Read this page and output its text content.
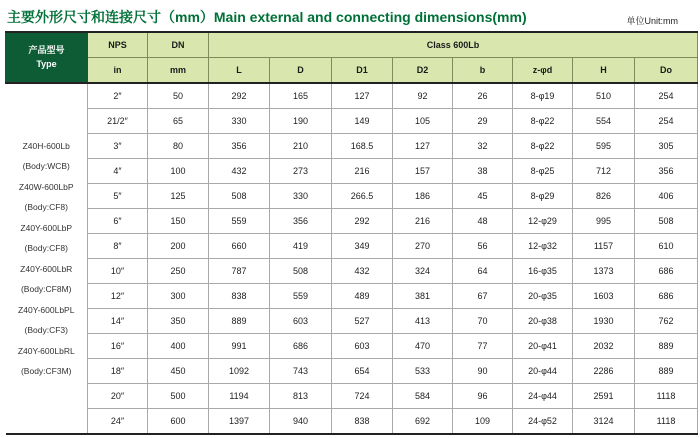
主要外形尺寸和连接尺寸（mm）Main external and connecting dimensions(mm)	单位Unit:mm
产品型号
Type	NPS	DN	Class 600Lb							
	in	mm	L	D	D1	D2	b	z-φd	H	Do

Z40H-600Lb
(Body:WCB)
Z40W-600LbP
(Body:CF8)
Z40Y-600LbP
(Body:CF8)
Z40Y-600LbR
(Body:CF8M)
Z40Y-600LbPL
(Body:CF3)
Z40Y-600LbRL
(Body:CF3M)
	2″	50	292	165	127	92	26	8-φ19	510	254
	21/2″	65	330	190	149	105	29	8-φ22	554	254
	3″	80	356	210	168.5	127	32	8-φ22	595	305
	4″	100	432	273	216	157	38	8-φ25	712	356
	5″	125	508	330	266.5	186	45	8-φ29	826	406
	6″	150	559	356	292	216	48	12-φ29	995	508
	8″	200	660	419	349	270	56	12-φ32	1157	610
	10″	250	787	508	432	324	64	16-φ35	1373	686
	12″	300	838	559	489	381	67	20-φ35	1603	686
	14″	350	889	603	527	413	70	20-φ38	1930	762
	16″	400	991	686	603	470	77	20-φ41	2032	889
	18″	450	1092	743	654	533	90	20-φ44	2286	889
	20″	500	1194	813	724	584	96	24-φ44	2591	1118
	24″	600	1397	940	838	692	109	24-φ52	3124	1118
